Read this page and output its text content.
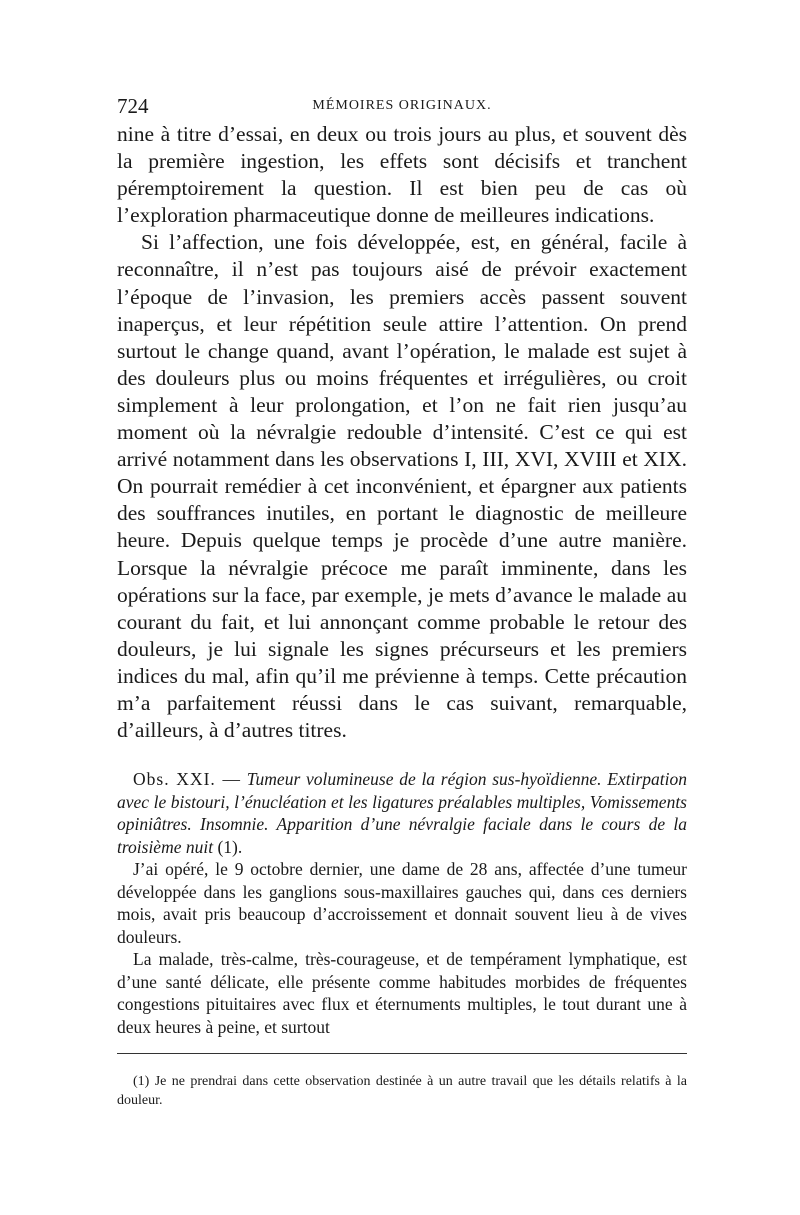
724	MÉMOIRES ORIGINAUX.

nine à titre d’essai, en deux ou trois jours au plus, et souvent dès la première ingestion, les effets sont décisifs et tranchent péremptoirement la question. Il est bien peu de cas où l’exploration pharmaceutique donne de meilleures indications.

Si l’affection, une fois développée, est, en général, facile à reconnaître, il n’est pas toujours aisé de prévoir exactement l’époque de l’invasion, les premiers accès passent souvent inaperçus, et leur répétition seule attire l’attention. On prend surtout le change quand, avant l’opération, le malade est sujet à des douleurs plus ou moins fréquentes et irrégulières, ou croit simplement à leur prolongation, et l’on ne fait rien jusqu’au moment où la névralgie redouble d’intensité. C’est ce qui est arrivé notamment dans les observations I, III, XVI, XVIII et XIX. On pourrait remédier à cet inconvénient, et épargner aux patients des souffrances inutiles, en portant le diagnostic de meilleure heure. Depuis quelque temps je procède d’une autre manière. Lorsque la névralgie précoce me paraît imminente, dans les opérations sur la face, par exemple, je mets d’avance le malade au courant du fait, et lui annonçant comme probable le retour des douleurs, je lui signale les signes précurseurs et les premiers indices du mal, afin qu’il me prévienne à temps. Cette précaution m’a parfaitement réussi dans le cas suivant, remarquable, d’ailleurs, à d’autres titres.

Obs. XXI. — Tumeur volumineuse de la région sus-hyoïdienne. Extirpation avec le bistouri, l’énucléation et les ligatures préalables multiples, Vomissements opiniâtres. Insomnie. Apparition d’une névralgie faciale dans le cours de la troisième nuit (1).

J’ai opéré, le 9 octobre dernier, une dame de 28 ans, affectée d’une tumeur développée dans les ganglions sous-maxillaires gauches qui, dans ces derniers mois, avait pris beaucoup d’accroissement et donnait souvent lieu à de vives douleurs.

La malade, très-calme, très-courageuse, et de tempérament lymphatique, est d’une santé délicate, elle présente comme habitudes morbides de fréquentes congestions pituitaires avec flux et éternuments multiples, le tout durant une à deux heures à peine, et surtout

(1) Je ne prendrai dans cette observation destinée à un autre travail que les détails relatifs à la douleur.
